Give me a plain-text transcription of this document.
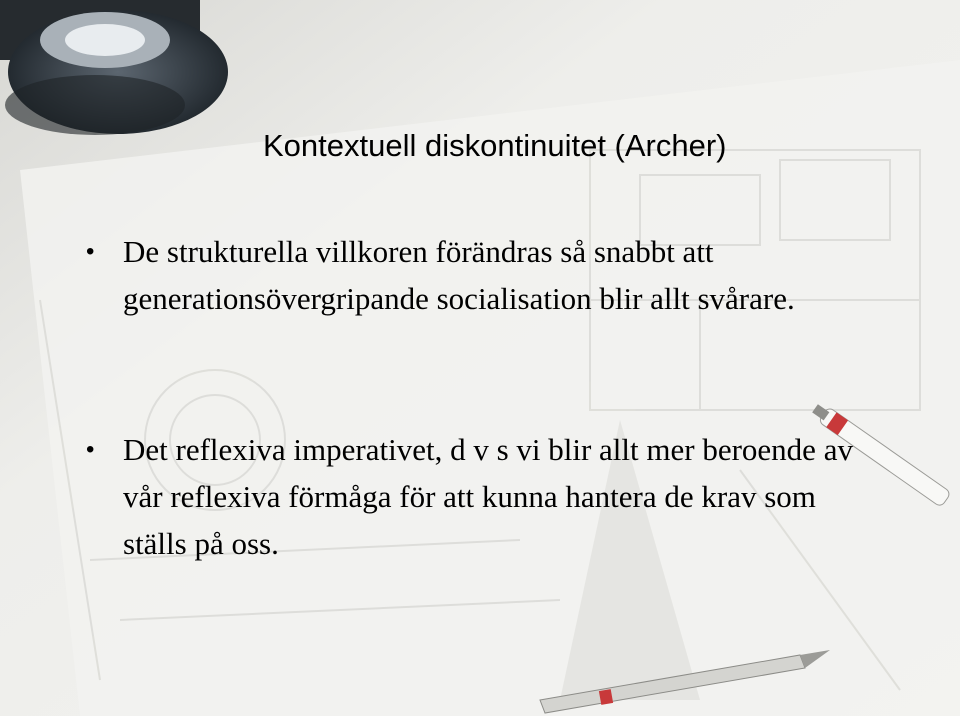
Kontextuell diskontinuitet (Archer)
• De strukturella villkoren förändras så snabbt att generationsövergripande socialisation blir allt svårare.
• Det reflexiva imperativet, d v s vi blir allt mer beroende av vår reflexiva förmåga för att kunna hantera de krav som ställs på oss.
